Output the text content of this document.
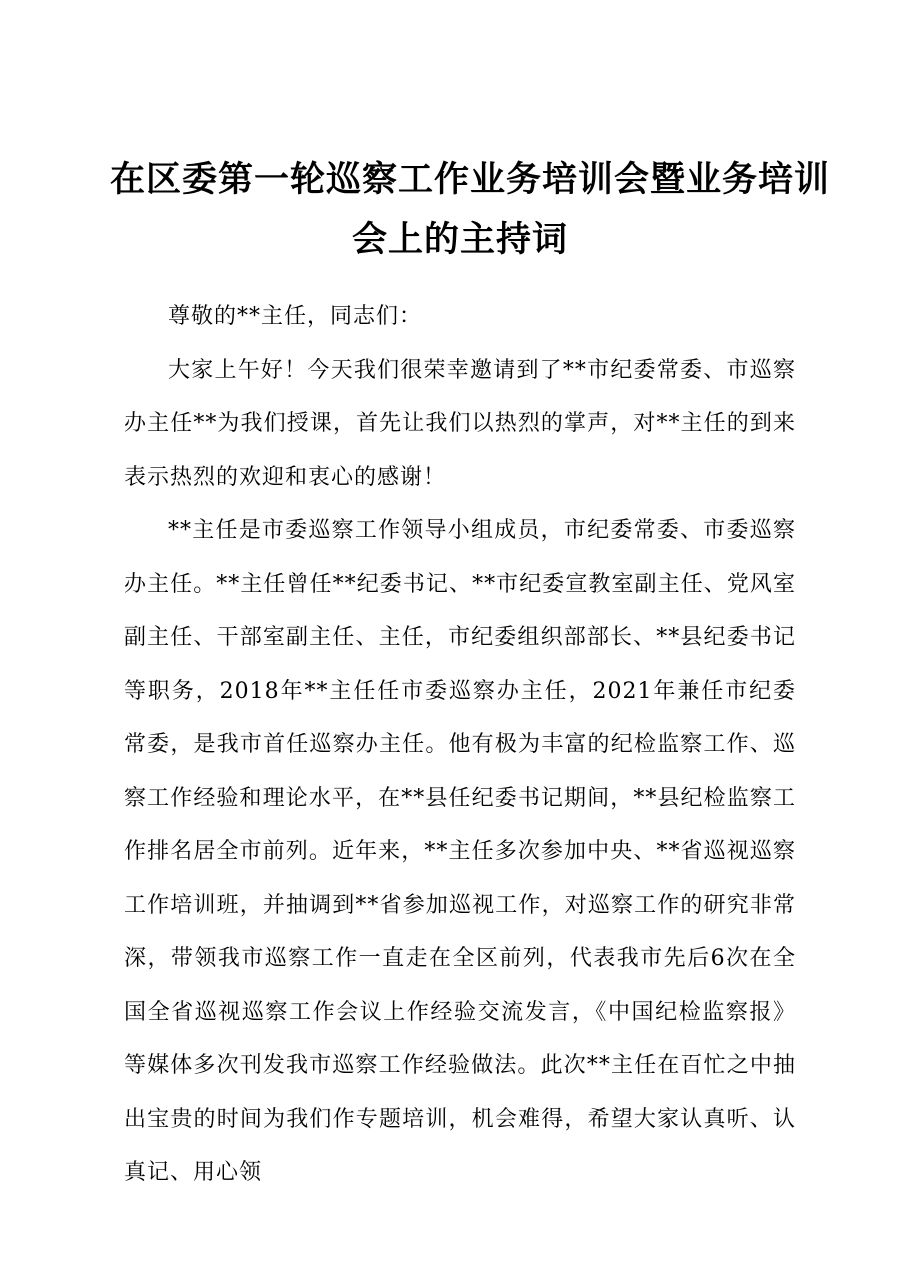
在区委第一轮巡察工作业务培训会暨业务培训
会上的主持词

尊敬的**主任，同志们：

大家上午好！今天我们很荣幸邀请到了**市纪委常委、市巡察办主任**为我们授课，首先让我们以热烈的掌声，对**主任的到来表示热烈的欢迎和衷心的感谢！

**主任是市委巡察工作领导小组成员，市纪委常委、市委巡察办主任。**主任曾任**纪委书记、**市纪委宣教室副主任、党风室副主任、干部室副主任、主任，市纪委组织部部长、**县纪委书记等职务，2018年**主任任市委巡察办主任，2021年兼任市纪委常委，是我市首任巡察办主任。他有极为丰富的纪检监察工作、巡察工作经验和理论水平，在**县任纪委书记期间，**县纪检监察工作排名居全市前列。近年来，**主任多次参加中央、**省巡视巡察工作培训班，并抽调到**省参加巡视工作，对巡察工作的研究非常深，带领我市巡察工作一直走在全区前列，代表我市先后6次在全国全省巡视巡察工作会议上作经验交流发言，《中国纪检监察报》等媒体多次刊发我市巡察工作经验做法。此次**主任在百忙之中抽出宝贵的时间为我们作专题培训，机会难得，希望大家认真听、认真记、用心领
